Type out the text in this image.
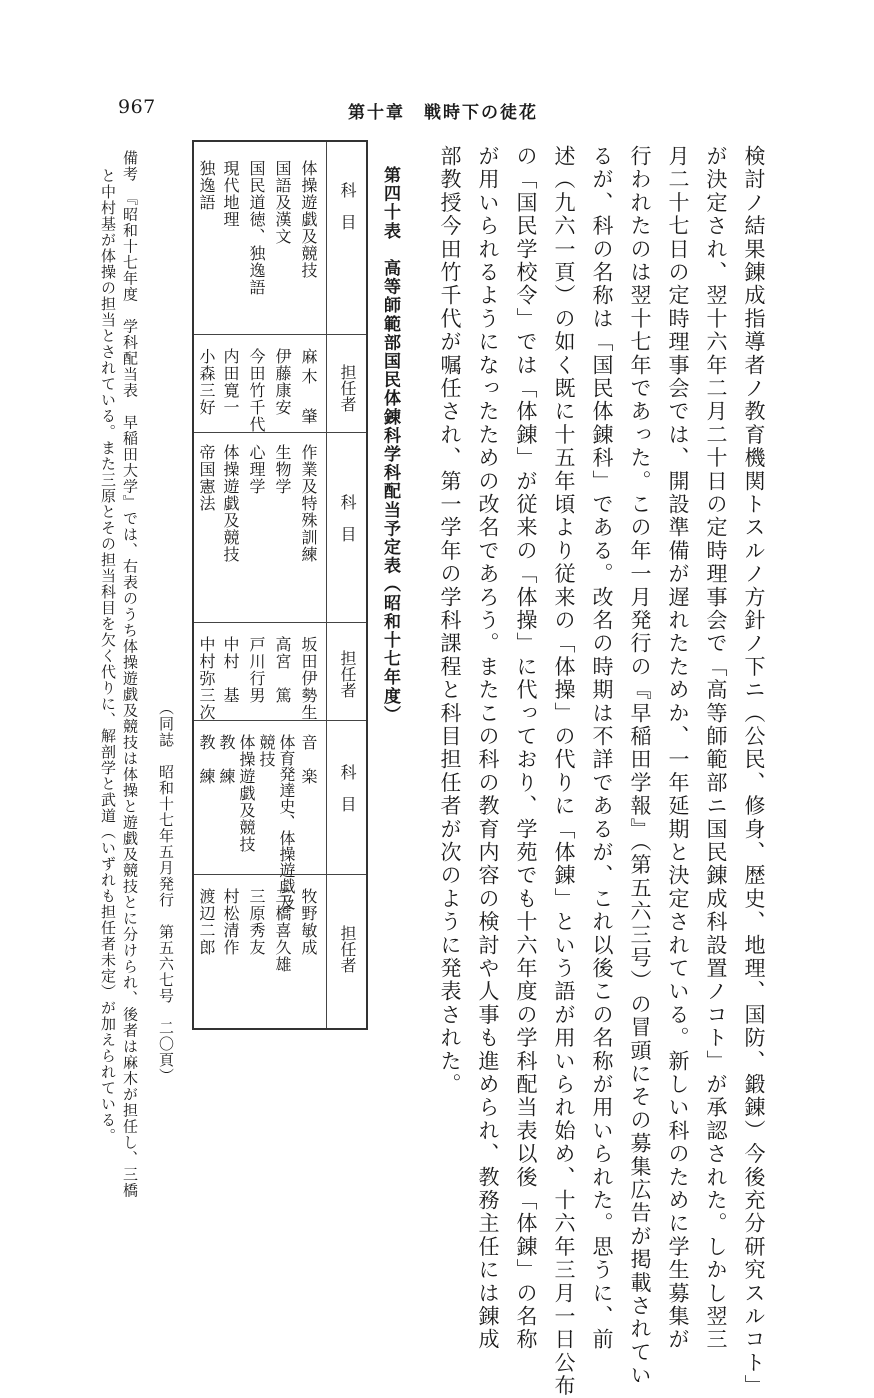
967	第十章　戦時下の徒花
検討ノ結果錬成指導者ノ教育機関トスルノ方針ノ下ニ（公民、修身、歴史、地理、国防、鍛錬）今後充分研究スルコト」
が決定され、翌十六年二月二十日の定時理事会で「高等師範部ニ国民錬成科設置ノコト」が承認された。しかし翌三
月二十七日の定時理事会では、開設準備が遅れたためか、一年延期と決定されている。新しい科のために学生募集が
行われたのは翌十七年であった。この年一月発行の『早稲田学報』（第五六三号）の冒頭にその募集広告が掲載されてい
るが、科の名称は「国民体錬科」である。改名の時期は不詳であるが、これ以後この名称が用いられた。思うに、前
述（九六一頁）の如く既に十五年頃より従来の「体操」の代りに「体錬」という語が用いられ始め、十六年三月一日公布
の「国民学校令」では「体錬」が従来の「体操」に代っており、学苑でも十六年度の学科配当表以後「体錬」の名称
が用いられるようになったための改名であろう。またこの科の教育内容の検討や人事も進められ、教務主任には錬成
部教授今田竹千代が嘱任され、第一学年の学科課程と科目担任者が次のように発表された。
第四十表　高等師範部国民体錬科学科配当予定表（昭和十七年度）
科　目
担任者
科　目
担任者
科　目
担任者
体操遊戯及競技
国語及漢文
国民道徳、独逸語
現代地理
独逸語
麻木　肇
伊藤康安
今田竹千代
内田寛一
小森三好
作業及特殊訓練
生物学
心理学
体操遊戯及競技
帝国憲法
坂田伊勢生
高宮　篤
戸川行男
中村　基
中村弥三次
音　楽
体育発達史、体操遊戯及
競技
体操遊戯及競技
教　練
教　練
牧野敏成
三橋喜久雄
三原秀友
村松清作
渡辺二郎
（同誌　昭和十七年五月発行　第五六七号　二〇頁）
備考　『昭和十七年度　学科配当表　早稲田大学』では、右表のうち体操遊戯及競技は体操と遊戯及競技とに分けられ、後者は麻木が担任し、三橋
と中村基が体操の担当とされている。また三原とその担当科目を欠く代りに、解剖学と武道（いずれも担任者未定）が加えられている。
